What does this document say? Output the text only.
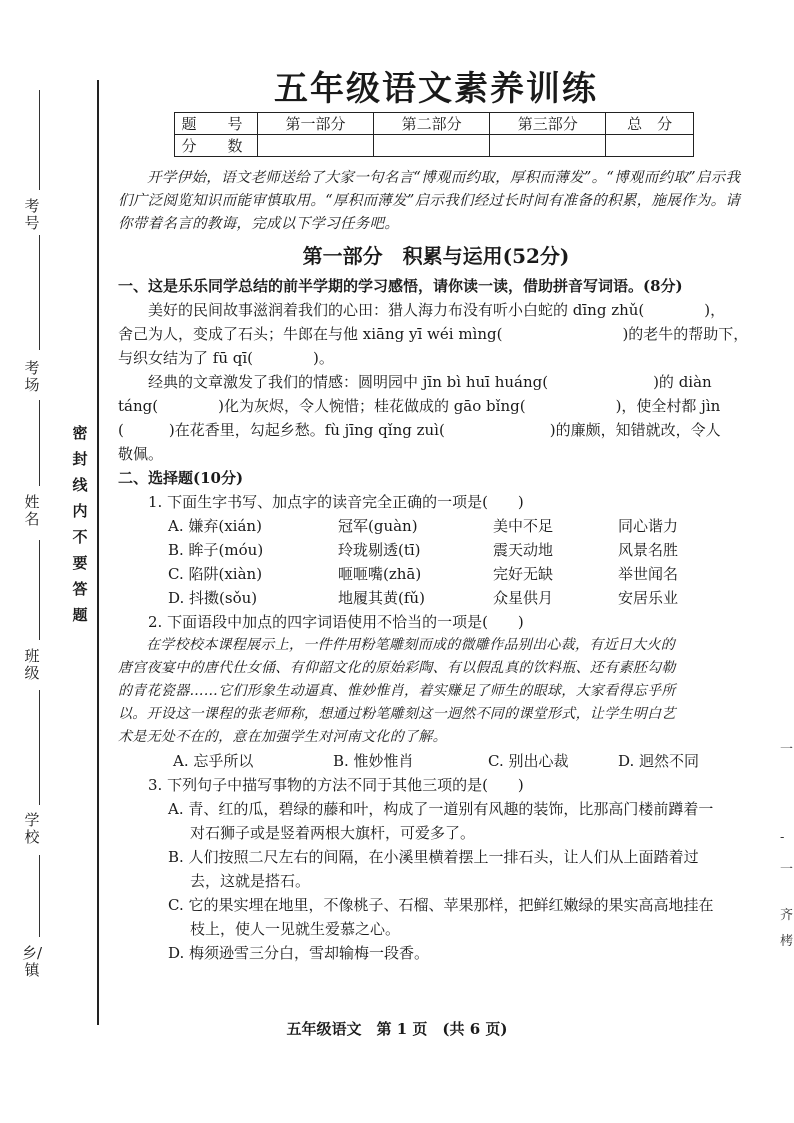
考号
考场
姓名
班级
学校
乡/镇
密封线内不要答题
一
-
一
齐
栲
五年级语文素养训练
题　号	第一部分	第二部分	第三部分	总　分
分　数				
开学伊始，语文老师送给了大家一句名言“博观而约取，厚积而薄发”。“博观而约取”启示我们广泛阅览知识而能审慎取用。“厚积而薄发”启示我们经过长时间有准备的积累，施展作为。请你带着名言的教诲，完成以下学习任务吧。
第一部分　积累与运用(52分)
一、这是乐乐同学总结的前半学期的学习感悟，请你读一读，借助拼音写词语。(8分)

美好的民间故事滋润着我们的心田：猎人海力布没有听小白蛇的 dīng zhǔ(　　　　)，

舍己为人，变成了石头；牛郎在与他 xiāng yī wéi mìng(　　　　　　　　)的老牛的帮助下，

与织女结为了 fū qī(　　　　)。

经典的文章激发了我们的情感：圆明园中 jīn bì huī huáng(　　　　　　　)的 diàn

táng(　　　　)化为灰烬，令人惋惜；桂花做成的 gāo bǐng(　　　　　　)，使全村都 jìn

(　　　)在花香里，勾起乡愁。fù jīng qǐng zuì(　　　　　　　)的廉颇，知错就改，令人

敬佩。

二、选择题(10分)
1. 下面生字书写、加点字的读音完全正确的一项是(　　)
A. 嫌弃(xián)	冠军(guàn)	美中不足	同心谐力
B. 眸子(móu)	玲珑剔透(tī)	震天动地	风景名胜
C. 陷阱(xiàn)	咂咂嘴(zhā)	完好无缺	举世闻名
D. 抖擞(sǒu)	地履其黄(fǔ)	众星供月	安居乐业
2. 下面语段中加点的四字词语使用不恰当的一项是(　　)
在学校校本课程展示上，一件件用粉笔雕刻而成的微雕作品别出心裁，有近日大火的
唐宫夜宴中的唐代仕女俑、有仰韶文化的原始彩陶、有以假乱真的饮料瓶、还有素胚勾勒
的青花瓷器……它们形象生动逼真、惟妙惟肖，着实赚足了师生的眼球，大家看得忘乎所
以。开设这一课程的张老师称，想通过粉笔雕刻这一迥然不同的课堂形式，让学生明白艺
术是无处不在的，意在加强学生对河南文化的了解。
A. 忘乎所以	B. 惟妙惟肖	C. 别出心裁	D. 迥然不同
3. 下列句子中描写事物的方法不同于其他三项的是(　　)
A. 青、红的瓜，碧绿的藤和叶，构成了一道别有风趣的装饰，比那高门楼前蹲着一
对石狮子或是竖着两根大旗杆，可爱多了。
B. 人们按照二尺左右的间隔，在小溪里横着摆上一排石头，让人们从上面踏着过
去，这就是搭石。
C. 它的果实埋在地里，不像桃子、石榴、苹果那样，把鲜红嫩绿的果实高高地挂在
枝上，使人一见就生爱慕之心。
D. 梅须逊雪三分白，雪却输梅一段香。
五年级语文　第 1 页　(共 6 页)
